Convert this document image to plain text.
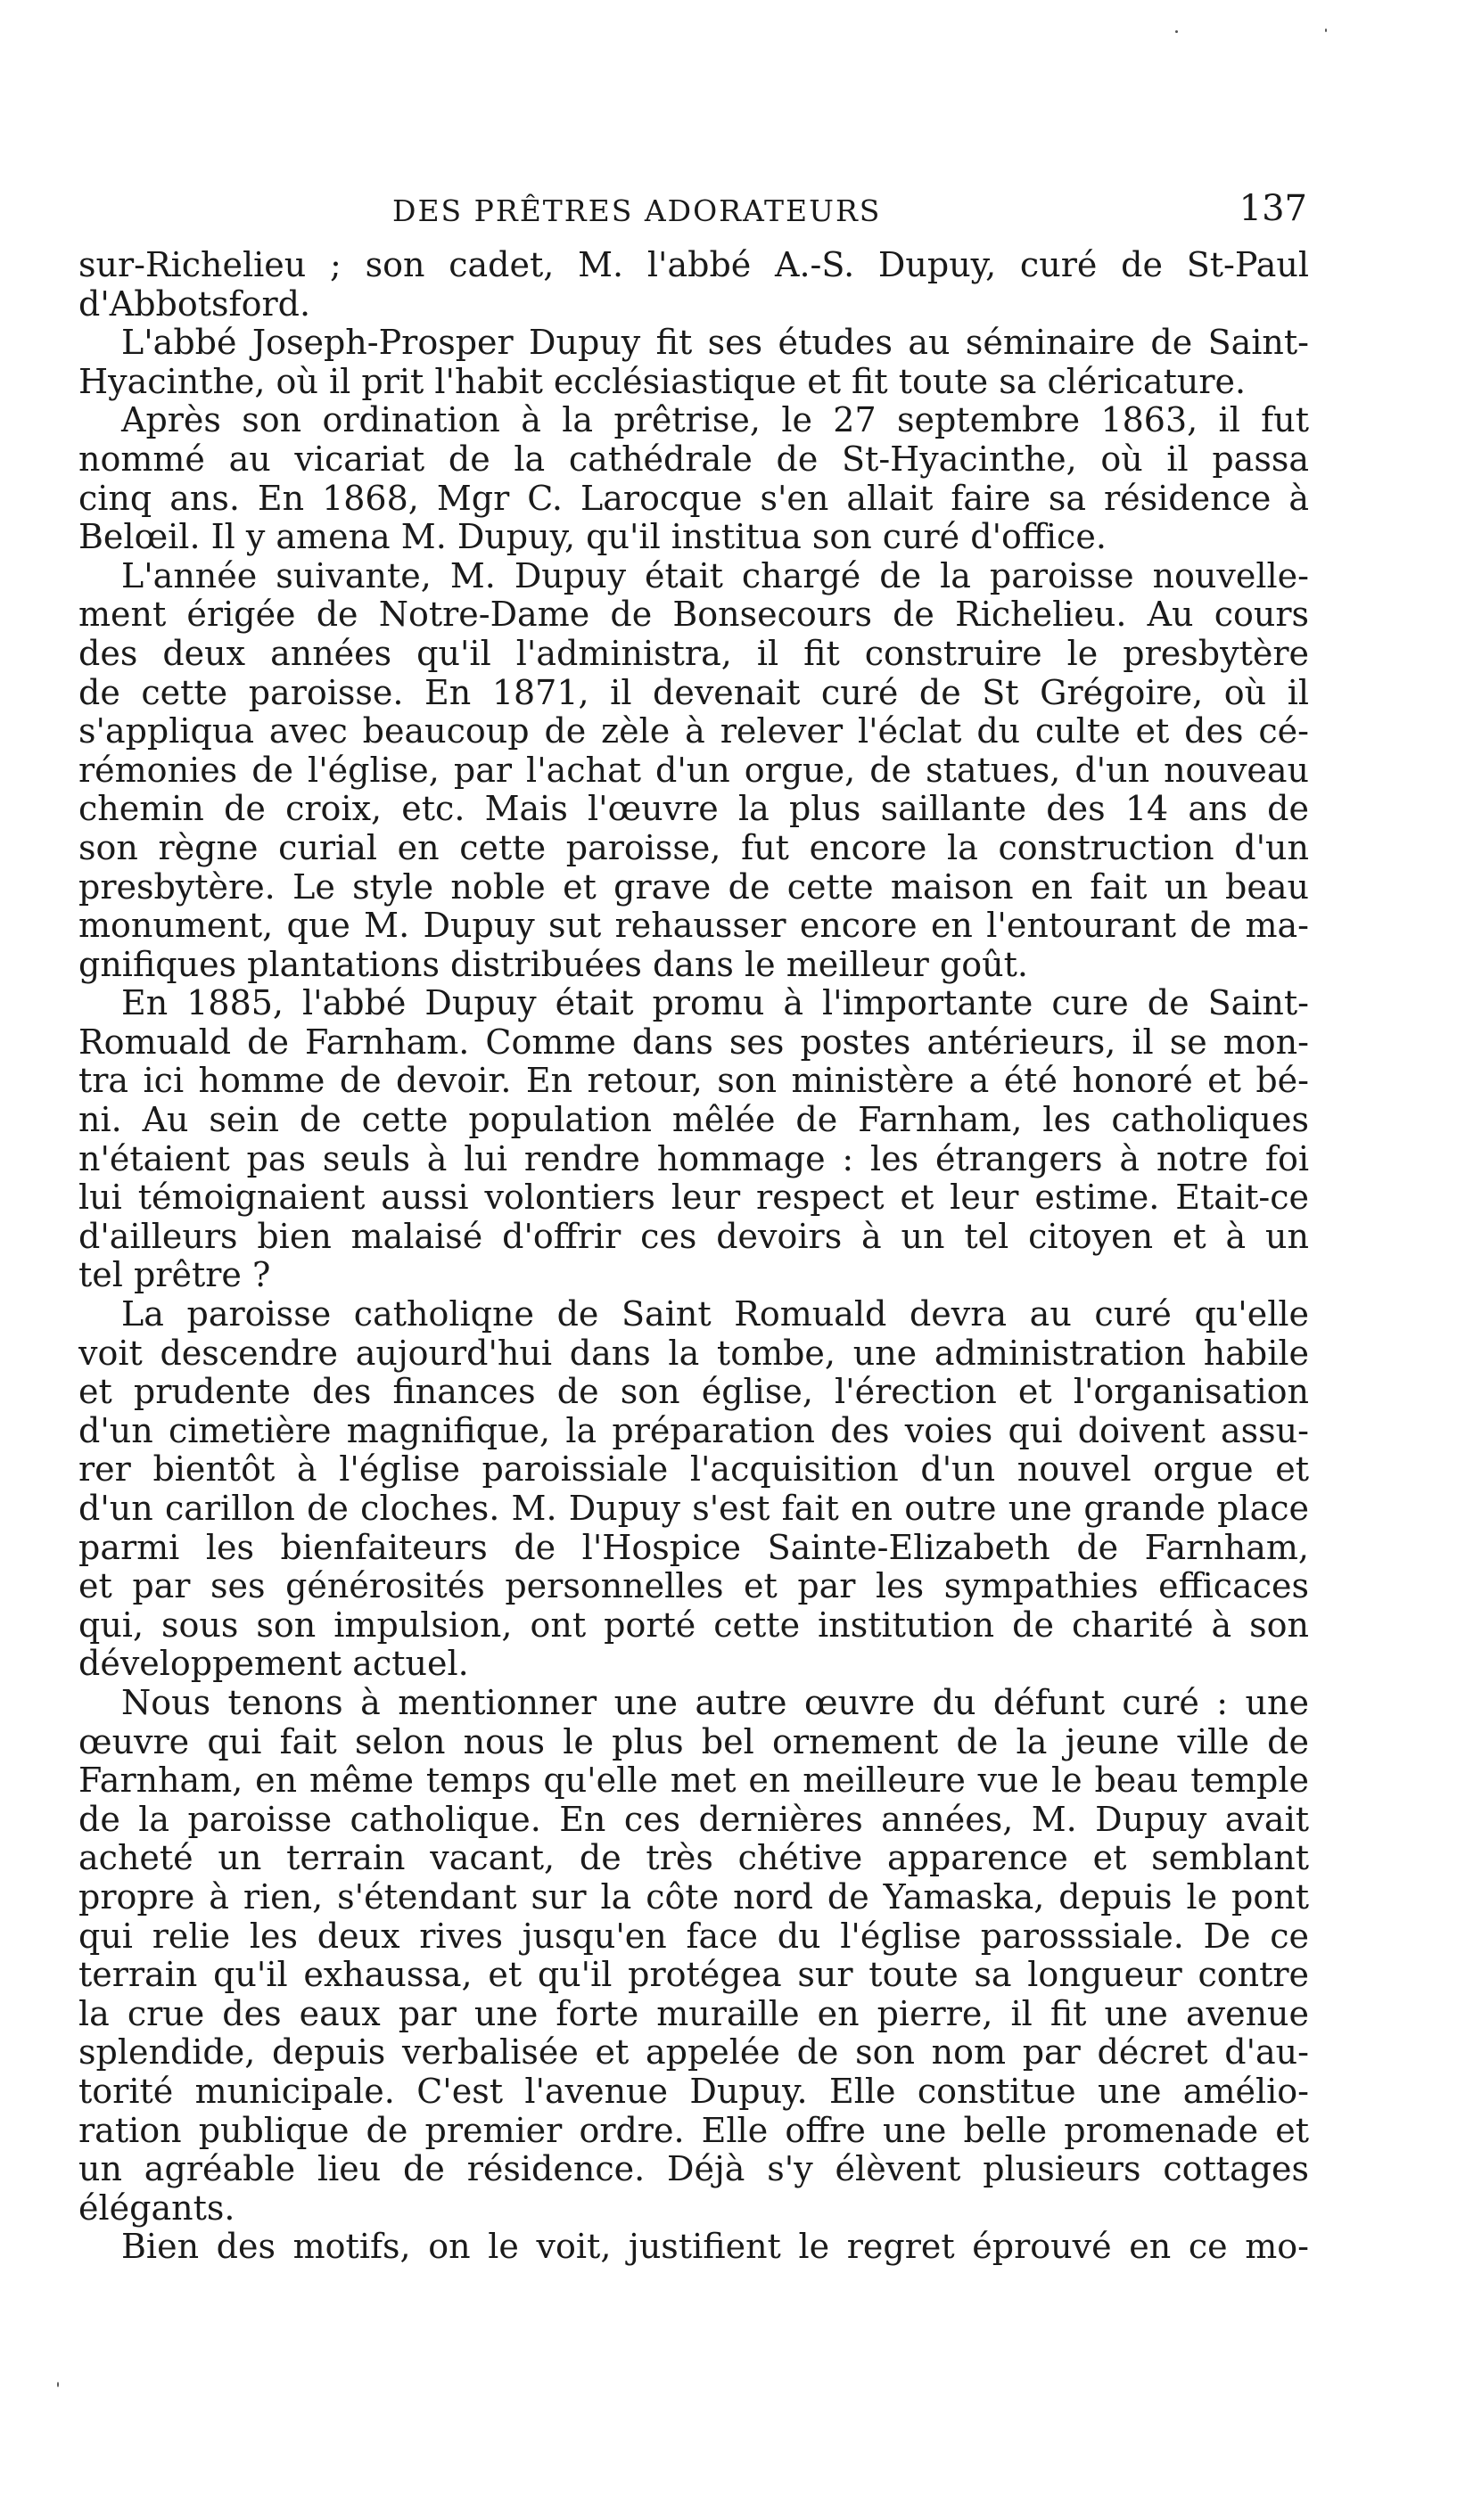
DES PRÊTRES ADORATEURS	137
sur-Richelieu ; son cadet, M. l'abbé A.-S. Dupuy, curé de St-Paul
d'Abbotsford.
L'abbé Joseph-Prosper Dupuy fit ses études au séminaire de Saint-
Hyacinthe, où il prit l'habit ecclésiastique et fit toute sa cléricature.
Après son ordination à la prêtrise, le 27 septembre 1863, il fut
nommé au vicariat de la cathédrale de St-Hyacinthe, où il passa
cinq ans. En 1868, Mgr C. Larocque s'en allait faire sa résidence à
Belœil. Il y amena M. Dupuy, qu'il institua son curé d'office.
L'année suivante, M. Dupuy était chargé de la paroisse nouvelle-
ment érigée de Notre-Dame de Bonsecours de Richelieu. Au cours
des deux années qu'il l'administra, il fit construire le presbytère
de cette paroisse. En 1871, il devenait curé de St Grégoire, où il
s'appliqua avec beaucoup de zèle à relever l'éclat du culte et des cé-
rémonies de l'église, par l'achat d'un orgue, de statues, d'un nouveau
chemin de croix, etc. Mais l'œuvre la plus saillante des 14 ans de
son règne curial en cette paroisse, fut encore la construction d'un
presbytère. Le style noble et grave de cette maison en fait un beau
monument, que M. Dupuy sut rehausser encore en l'entourant de ma-
gnifiques plantations distribuées dans le meilleur goût.
En 1885, l'abbé Dupuy était promu à l'importante cure de Saint-
Romuald de Farnham. Comme dans ses postes antérieurs, il se mon-
tra ici homme de devoir. En retour, son ministère a été honoré et bé-
ni. Au sein de cette population mêlée de Farnham, les catholiques
n'étaient pas seuls à lui rendre hommage : les étrangers à notre foi
lui témoignaient aussi volontiers leur respect et leur estime. Etait-ce
d'ailleurs bien malaisé d'offrir ces devoirs à un tel citoyen et à un
tel prêtre ?
La paroisse catholiqne de Saint Romuald devra au curé qu'elle
voit descendre aujourd'hui dans la tombe, une administration habile
et prudente des finances de son église, l'érection et l'organisation
d'un cimetière magnifique, la préparation des voies qui doivent assu-
rer bientôt à l'église paroissiale l'acquisition d'un nouvel orgue et
d'un carillon de cloches. M. Dupuy s'est fait en outre une grande place
parmi les bienfaiteurs de l'Hospice Sainte-Elizabeth de Farnham,
et par ses générosités personnelles et par les sympathies efficaces
qui, sous son impulsion, ont porté cette institution de charité à son
développement actuel.
Nous tenons à mentionner une autre œuvre du défunt curé : une
œuvre qui fait selon nous le plus bel ornement de la jeune ville de
Farnham, en même temps qu'elle met en meilleure vue le beau temple
de la paroisse catholique. En ces dernières années, M. Dupuy avait
acheté un terrain vacant, de très chétive apparence et semblant
propre à rien, s'étendant sur la côte nord de Yamaska, depuis le pont
qui relie les deux rives jusqu'en face du l'église parosssiale. De ce
terrain qu'il exhaussa, et qu'il protégea sur toute sa longueur contre
la crue des eaux par une forte muraille en pierre, il fit une avenue
splendide, depuis verbalisée et appelée de son nom par décret d'au-
torité municipale. C'est l'avenue Dupuy. Elle constitue une amélio-
ration publique de premier ordre. Elle offre une belle promenade et
un agréable lieu de résidence. Déjà s'y élèvent plusieurs cottages
élégants.
Bien des motifs, on le voit, justifient le regret éprouvé en ce mo-
